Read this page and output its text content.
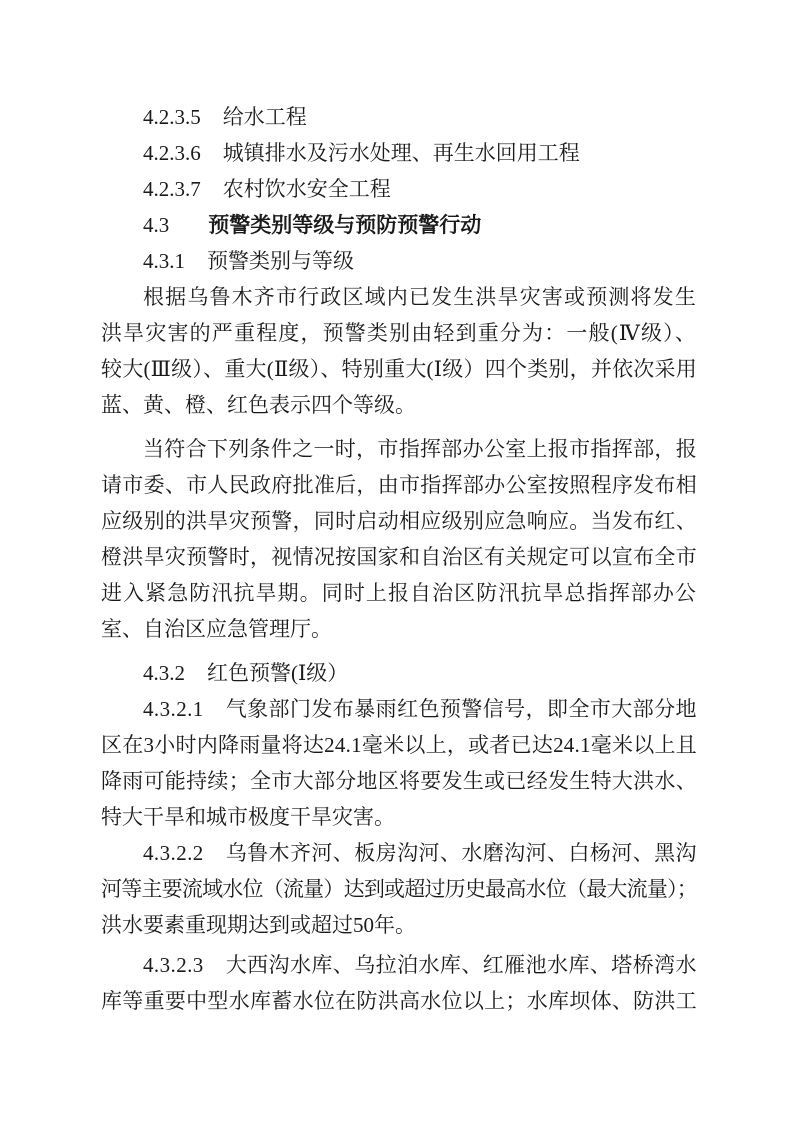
4.2.3.5 给水工程
4.2.3.6 城镇排水及污水处理、再生水回用工程
4.2.3.7 农村饮水安全工程
4.3 预警类别等级与预防预警行动
4.3.1 预警类别与等级
根据乌鲁木齐市行政区域内已发生洪旱灾害或预测将发生
洪旱灾害的严重程度，预警类别由轻到重分为：一般(Ⅳ级）、
较大(Ⅲ级）、重大(Ⅱ级）、特别重大(Ⅰ级）四个类别，并依次采用
蓝、黄、橙、红色表示四个等级。
当符合下列条件之一时，市指挥部办公室上报市指挥部，报
请市委、市人民政府批准后，由市指挥部办公室按照程序发布相
应级别的洪旱灾预警，同时启动相应级别应急响应。当发布红、
橙洪旱灾预警时，视情况按国家和自治区有关规定可以宣布全市
进入紧急防汛抗旱期。同时上报自治区防汛抗旱总指挥部办公
室、自治区应急管理厅。
4.3.2 红色预警(Ⅰ级）
4.3.2.1 气象部门发布暴雨红色预警信号，即全市大部分地
区在3小时内降雨量将达24.1毫米以上，或者已达24.1毫米以上且
降雨可能持续；全市大部分地区将要发生或已经发生特大洪水、
特大干旱和城市极度干旱灾害。
4.3.2.2 乌鲁木齐河、板房沟河、水磨沟河、白杨河、黑沟
河等主要流域水位（流量）达到或超过历史最高水位（最大流量）；
洪水要素重现期达到或超过50年。
4.3.2.3 大西沟水库、乌拉泊水库、红雁池水库、塔桥湾水
库等重要中型水库蓄水位在防洪高水位以上；水库坝体、防洪工
